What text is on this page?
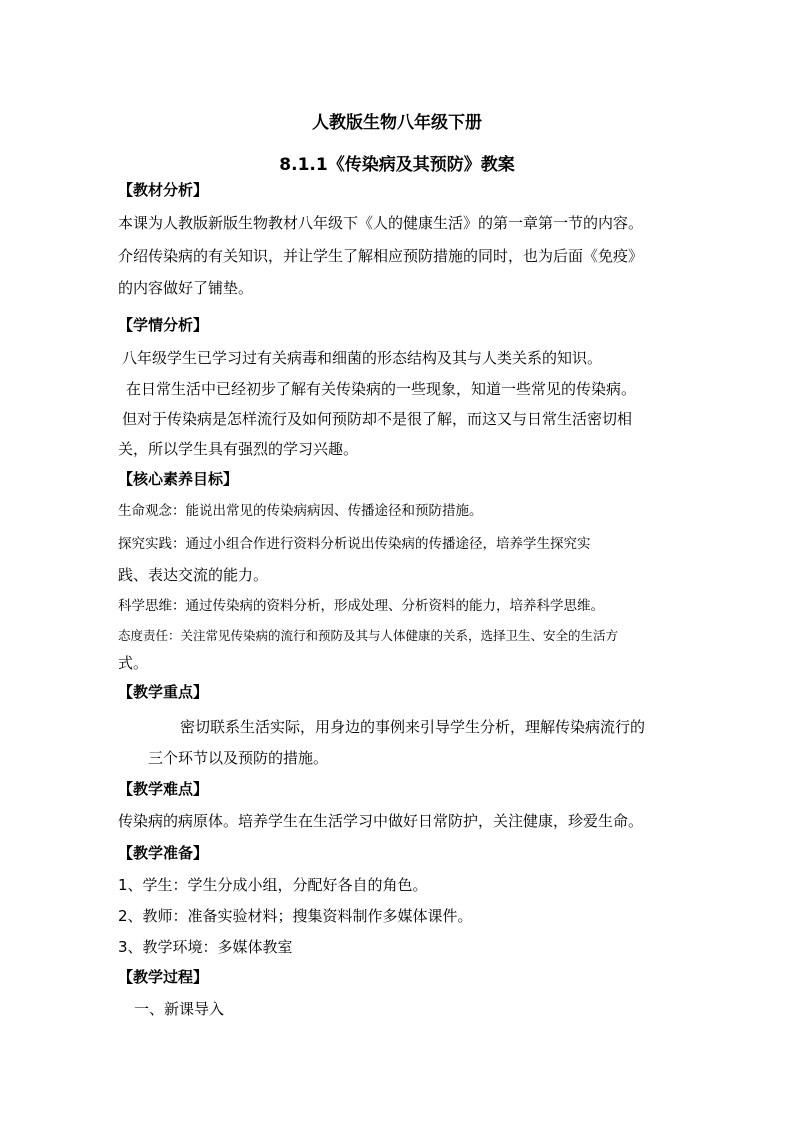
人教版生物八年级下册
8.1.1《传染病及其预防》教案
【教材分析】
本课为人教版新版生物教材八年级下《人的健康生活》的第一章第一节的内容。
介绍传染病的有关知识，并让学生了解相应预防措施的同时，也为后面《免疫》
的内容做好了铺垫。
【学情分析】
八年级学生已学习过有关病毒和细菌的形态结构及其与人类关系的知识。
在日常生活中已经初步了解有关传染病的一些现象，知道一些常见的传染病。
但对于传染病是怎样流行及如何预防却不是很了解，而这又与日常生活密切相
关，所以学生具有强烈的学习兴趣。
【核心素养目标】
生命观念：能说出常见的传染病病因、传播途径和预防措施。
探究实践：通过小组合作进行资料分析说出传染病的传播途径，培养学生探究实
践、表达交流的能力。
科学思维：通过传染病的资料分析，形成处理、分析资料的能力，培养科学思维。
态度责任：关注常见传染病的流行和预防及其与人体健康的关系，选择卫生、安全的生活方
式。
【教学重点】
密切联系生活实际，用身边的事例来引导学生分析，理解传染病流行的
三个环节以及预防的措施。
【教学难点】
传染病的病原体。培养学生在生活学习中做好日常防护，关注健康，珍爱生命。
【教学准备】
1、学生：学生分成小组，分配好各自的角色。
2、教师：准备实验材料；搜集资料制作多媒体课件。
3、教学环境：多媒体教室
【教学过程】
一、新课导入
